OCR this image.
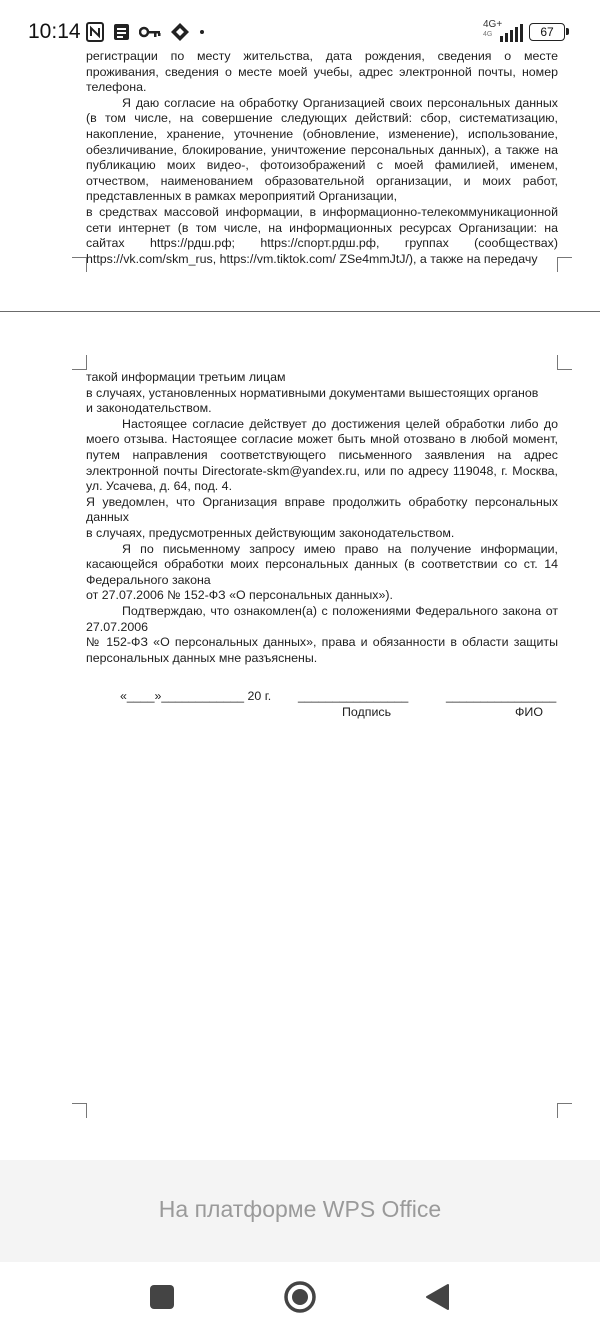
10:14	4G+
4G	67

регистрации по месту жительства, дата рождения, сведения о месте проживания, сведения о месте моей учебы, адрес электронной почты, номер телефона.

Я даю согласие на обработку Организацией своих персональных данных (в том числе, на совершение следующих действий: сбор, систематизацию, накопление, хранение, уточнение (обновление, изменение), использование, обезличивание, блокирование, уничтожение персональных данных), а также на публикацию моих видео-, фотоизображений с моей фамилией, именем, отчеством, наименованием образовательной организации, и моих работ, представленных в рамках мероприятий Организации,

в средствах массовой информации, в информационно-телекоммуникационной сети интернет (в том числе, на информационных ресурсах Организации: на сайтах https://рдш.рф; https://спорт.рдш.рф, группах (сообществах) https://vk.com/skm_rus, https://vm.tiktok.com/ ZSe4mmJtJ/), а также на передачу

такой информации третьим лицам

в случаях, установленных нормативными документами вышестоящих органов

и законодательством.

Настоящее согласие действует до достижения целей обработки либо до моего отзыва. Настоящее согласие может быть мной отозвано в любой момент, путем направления соответствующего письменного заявления на адрес электронной почты Directorate-skm@yandex.ru, или по адресу 119048, г. Москва, ул. Усачева, д. 64, под. 4.

Я уведомлен, что Организация вправе продолжить обработку персональных данных

в случаях, предусмотренных действующим законодательством.

Я по письменному запросу имею право на получение информации, касающейся обработки моих персональных данных (в соответствии со ст. 14 Федерального закона

от 27.07.2006 № 152-ФЗ «О персональных данных»).

Подтверждаю, что ознакомлен(а) с положениями Федерального закона от 27.07.2006

№ 152-ФЗ «О персональных данных», права и обязанности в области защиты персональных данных мне разъяснены.

«____»____________ 20 г. ________________	________________
Подпись	ФИО
На платформе WPS Office
